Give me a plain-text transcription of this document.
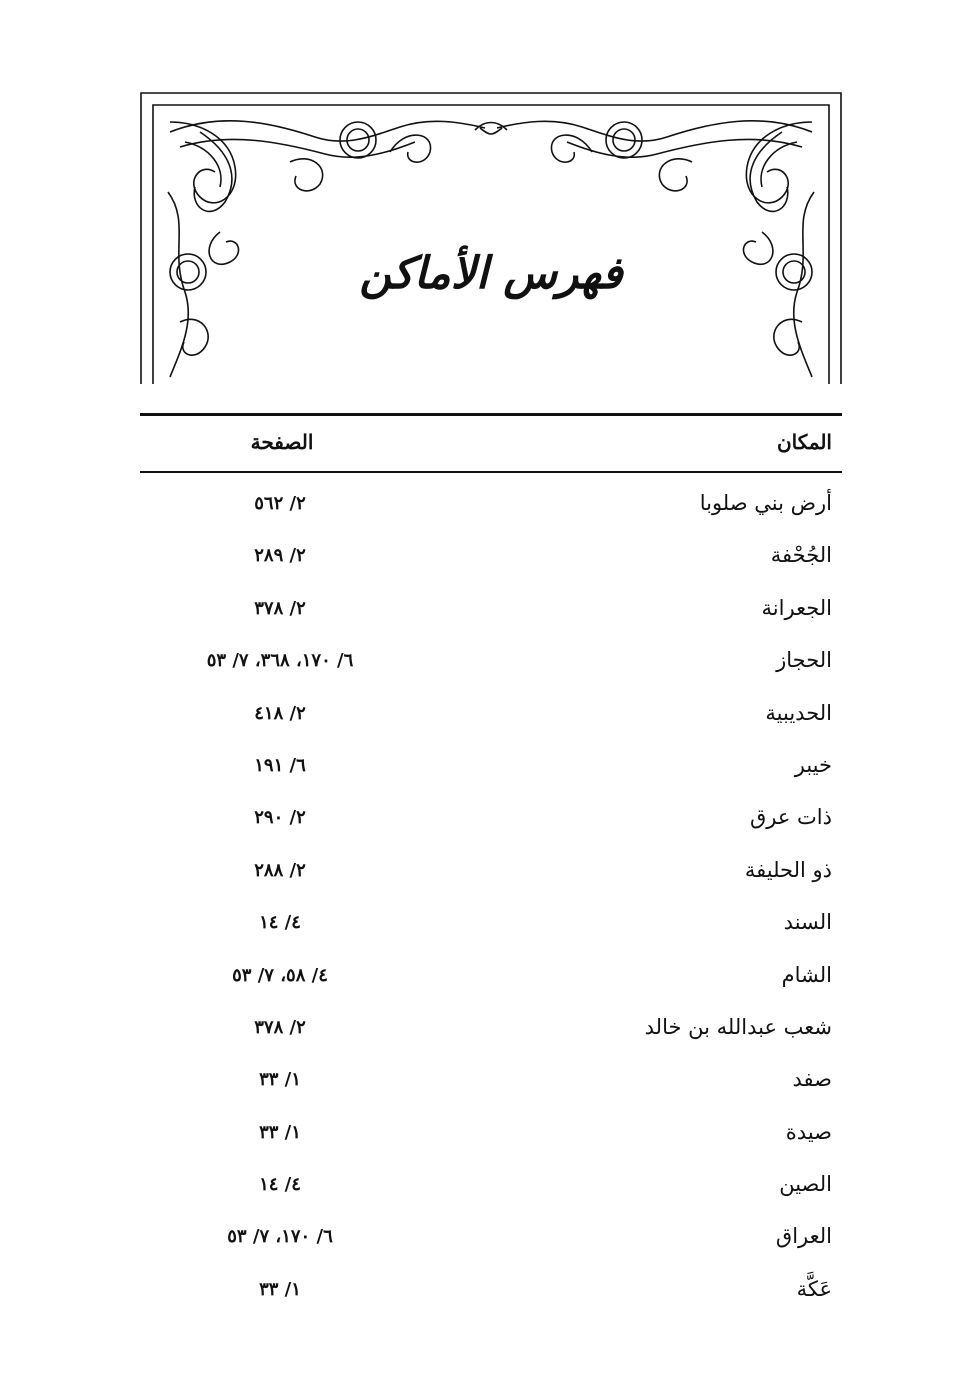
فهرس الأماكن
المكان
الصفحة
أرض بني صلوبا
٢/ ٥٦٢
الجُحْفة
٢/ ٢٨٩
الجعرانة
٢/ ٣٧٨
الحجاز
٦/ ١٧٠، ٣٦٨، ٧/ ٥٣
الحديبية
٢/ ٤١٨
خيبر
٦/ ١٩١
ذات عرق
٢/ ٢٩٠
ذو الحليفة
٢/ ٢٨٨
السند
٤/ ١٤
الشام
٤/ ٥٨، ٧/ ٥٣
شعب عبدالله بن خالد
٢/ ٣٧٨
صفد
١/ ٣٣
صيدة
١/ ٣٣
الصين
٤/ ١٤
العراق
٦/ ١٧٠، ٧/ ٥٣
عَكَّة
١/ ٣٣
